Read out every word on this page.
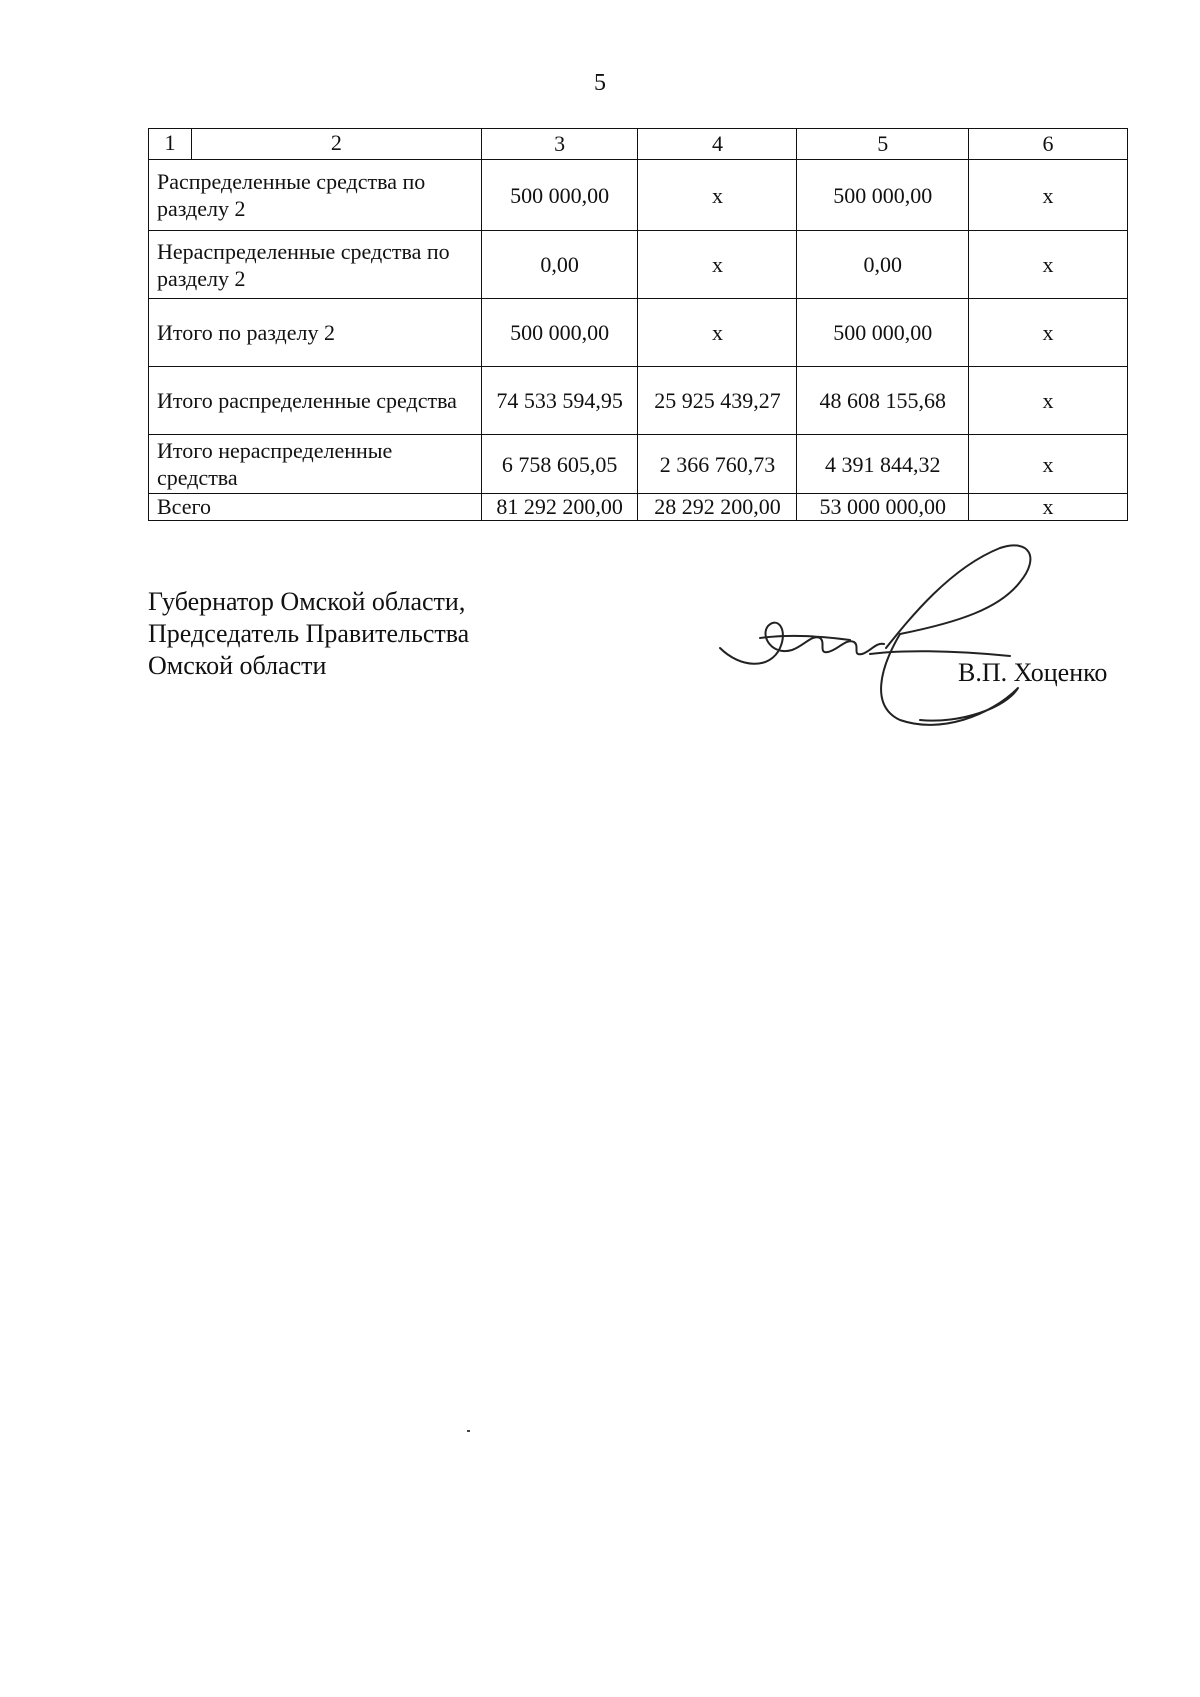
5
1 2	3	4	5	6
Распределенные средства по разделу 2	500 000,00	x	500 000,00	x
Нераспределенные средства по разделу 2	0,00	x	0,00	x
Итого по разделу 2	500 000,00	x	500 000,00	x
Итого распределенные средства	74 533 594,95	25 925 439,27	48 608 155,68	x
Итого нераспределенные средства	6 758 605,05	2 366 760,73	4 391 844,32	x
Всего	81 292 200,00	28 292 200,00	53 000 000,00	x
Губернатор Омской области,
Председатель Правительства
Омской области	В.П. Хоценко
